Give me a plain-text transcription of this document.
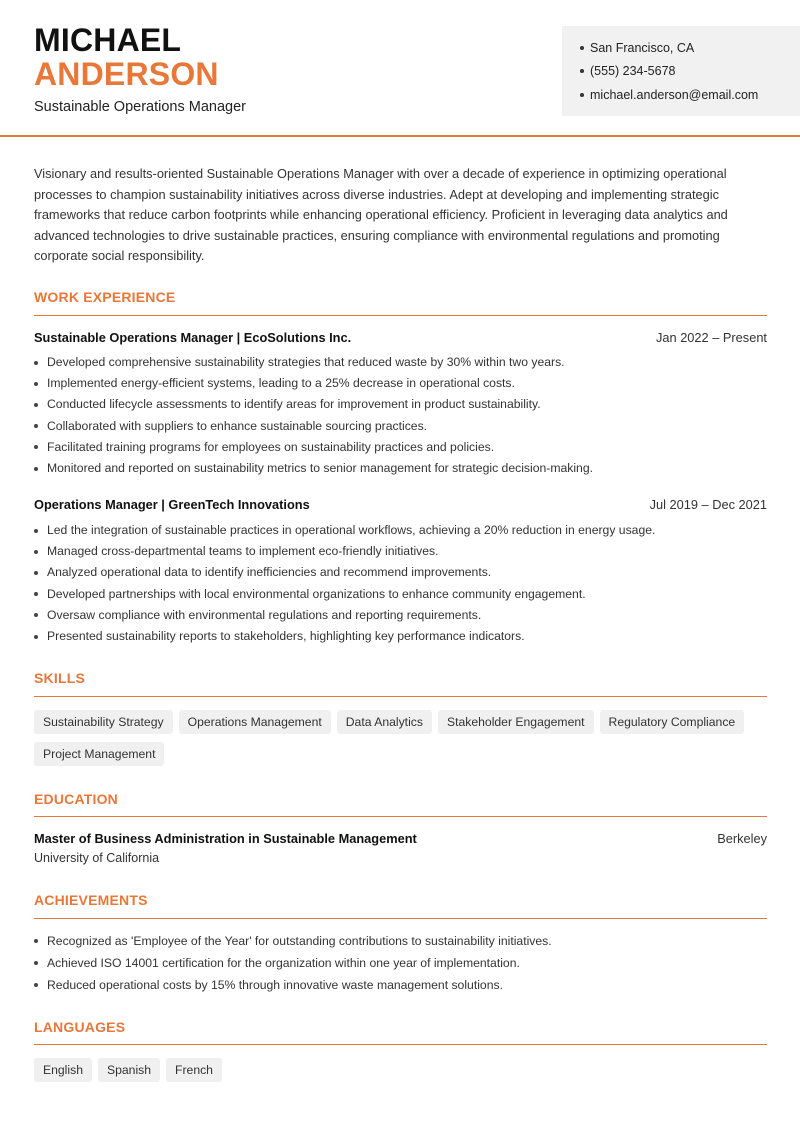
MICHAEL
ANDERSON
Sustainable Operations Manager
San Francisco, CA
(555) 234-5678
michael.anderson@email.com

Visionary and results-oriented Sustainable Operations Manager with over a decade of experience in optimizing operational processes to champion sustainability initiatives across diverse industries. Adept at developing and implementing strategic frameworks that reduce carbon footprints while enhancing operational efficiency. Proficient in leveraging data analytics and advanced technologies to drive sustainable practices, ensuring compliance with environmental regulations and promoting corporate social responsibility.

WORK EXPERIENCE
Sustainable Operations Manager | EcoSolutions Inc.	Jan 2022 – Present
Developed comprehensive sustainability strategies that reduced waste by 30% within two years.
Implemented energy-efficient systems, leading to a 25% decrease in operational costs.
Conducted lifecycle assessments to identify areas for improvement in product sustainability.
Collaborated with suppliers to enhance sustainable sourcing practices.
Facilitated training programs for employees on sustainability practices and policies.
Monitored and reported on sustainability metrics to senior management for strategic decision-making.
Operations Manager | GreenTech Innovations	Jul 2019 – Dec 2021
Led the integration of sustainable practices in operational workflows, achieving a 20% reduction in energy usage.
Managed cross-departmental teams to implement eco-friendly initiatives.
Analyzed operational data to identify inefficiencies and recommend improvements.
Developed partnerships with local environmental organizations to enhance community engagement.
Oversaw compliance with environmental regulations and reporting requirements.
Presented sustainability reports to stakeholders, highlighting key performance indicators.
SKILLS
Sustainability Strategy	Operations Management	Data Analytics	Stakeholder Engagement	Regulatory Compliance
Project Management
EDUCATION
Master of Business Administration in Sustainable Management	Berkeley
University of California
ACHIEVEMENTS
Recognized as 'Employee of the Year' for outstanding contributions to sustainability initiatives.
Achieved ISO 14001 certification for the organization within one year of implementation.
Reduced operational costs by 15% through innovative waste management solutions.
LANGUAGES
English	Spanish	French
